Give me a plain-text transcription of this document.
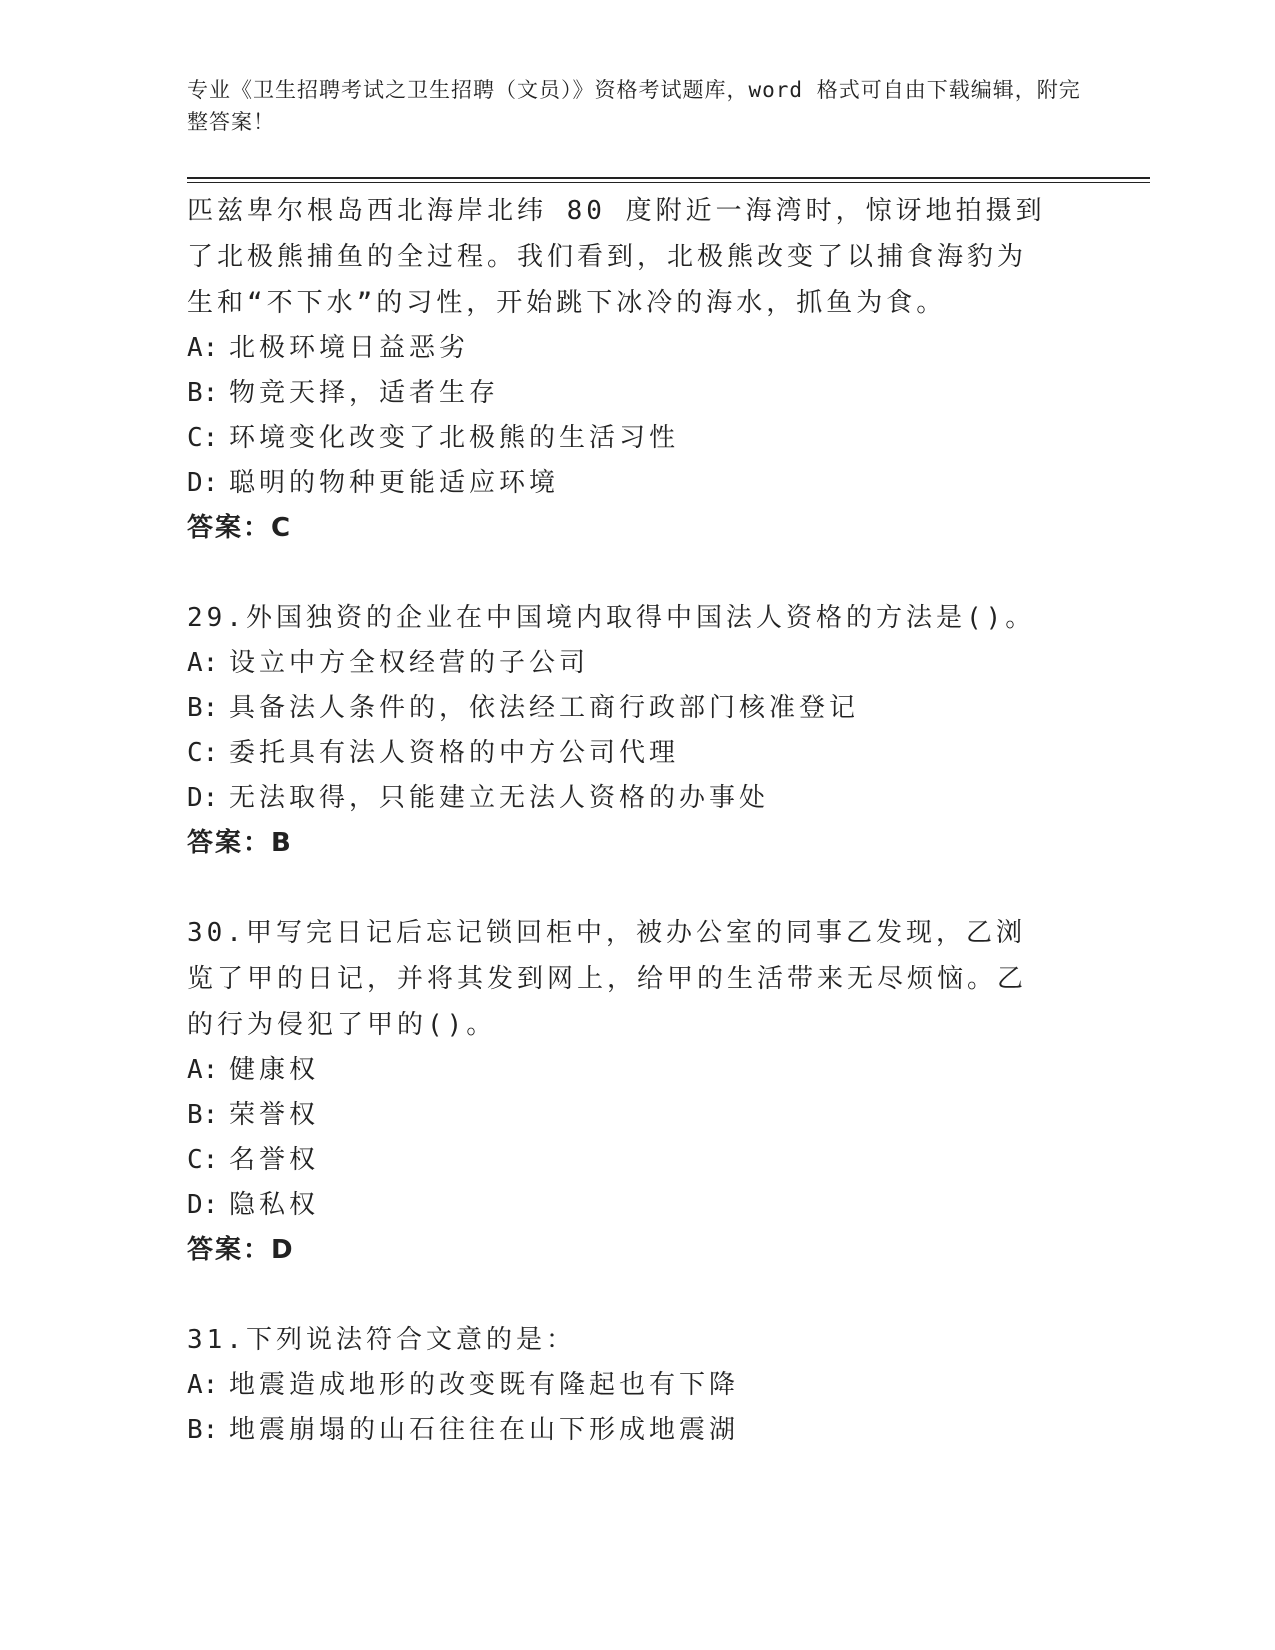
专业《卫生招聘考试之卫生招聘（文员）》资格考试题库，word 格式可自由下载编辑，附完整答案！
匹兹卑尔根岛西北海岸北纬 80 度附近一海湾时，惊讶地拍摄到了北极熊捕鱼的全过程。我们看到，北极熊改变了以捕食海豹为生和“不下水”的习性，开始跳下冰冷的海水，抓鱼为食。
A: 北极环境日益恶劣
B: 物竞天择，适者生存
C: 环境变化改变了北极熊的生活习性
D: 聪明的物种更能适应环境
答案：C
29.外国独资的企业在中国境内取得中国法人资格的方法是()。
A: 设立中方全权经营的子公司
B: 具备法人条件的，依法经工商行政部门核准登记
C: 委托具有法人资格的中方公司代理
D: 无法取得，只能建立无法人资格的办事处
答案：B
30.甲写完日记后忘记锁回柜中，被办公室的同事乙发现，乙浏览了甲的日记，并将其发到网上，给甲的生活带来无尽烦恼。乙的行为侵犯了甲的()。
A: 健康权
B: 荣誉权
C: 名誉权
D: 隐私权
答案：D
31.下列说法符合文意的是：
A: 地震造成地形的改变既有隆起也有下降
B: 地震崩塌的山石往往在山下形成地震湖
